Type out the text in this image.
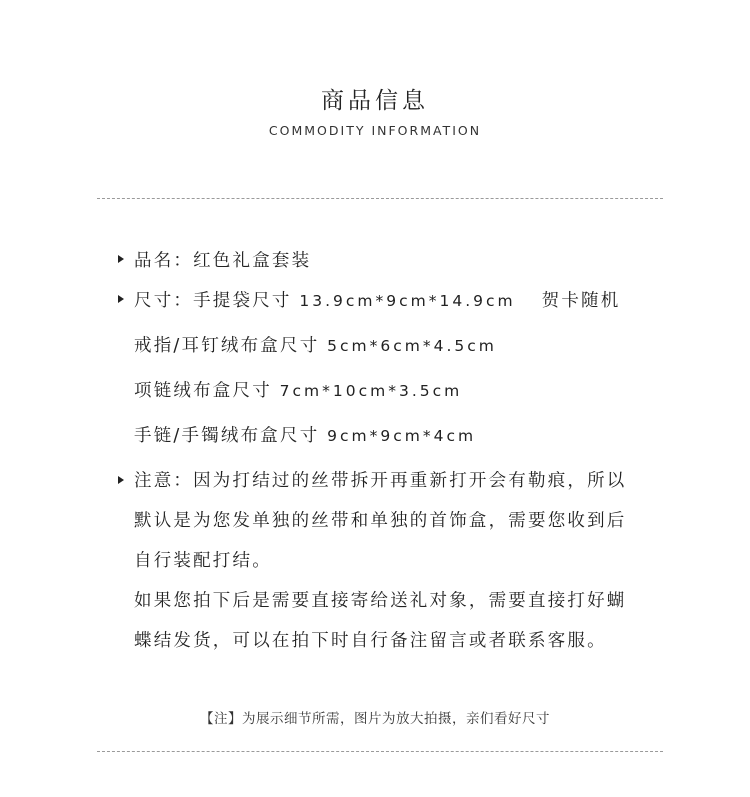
商品信息
COMMODITY INFORMATION
品名：红色礼盒套装
尺寸：手提袋尺寸 13.9cm*9cm*14.9cm 贺卡随机
戒指/耳钉绒布盒尺寸 5cm*6cm*4.5cm
项链绒布盒尺寸 7cm*10cm*3.5cm
手链/手镯绒布盒尺寸 9cm*9cm*4cm
注意：因为打结过的丝带拆开再重新打开会有勒痕，所以
默认是为您发单独的丝带和单独的首饰盒，需要您收到后
自行装配打结。
如果您拍下后是需要直接寄给送礼对象，需要直接打好蝴
蝶结发货，可以在拍下时自行备注留言或者联系客服。
【注】为展示细节所需，图片为放大拍摄，亲们看好尺寸
